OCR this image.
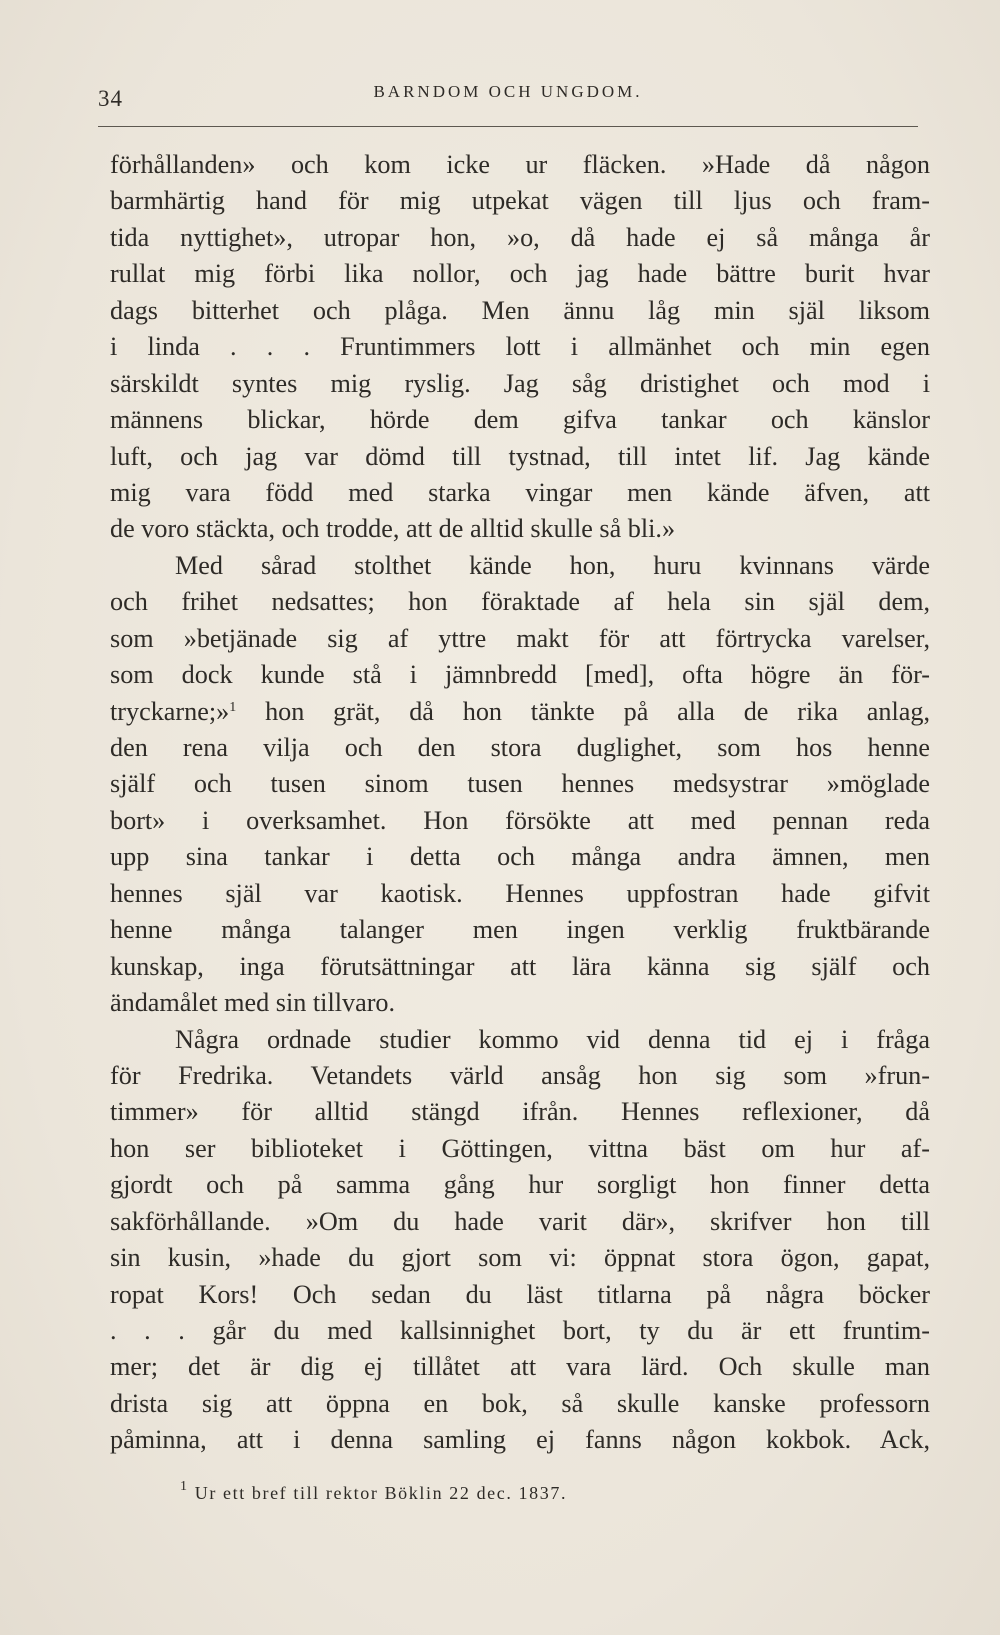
34	BARNDOM OCH UNGDOM.
förhållanden» och kom icke ur fläcken. »Hade då någon
barmhärtig hand för mig utpekat vägen till ljus och fram-
tida nyttighet», utropar hon, »o, då hade ej så många år
rullat mig förbi lika nollor, och jag hade bättre burit hvar
dags bitterhet och plåga. Men ännu låg min själ liksom
i linda . . . Fruntimmers lott i allmänhet och min egen
särskildt syntes mig ryslig. Jag såg dristighet och mod i
männens blickar, hörde dem gifva tankar och känslor
luft, och jag var dömd till tystnad, till intet lif. Jag kände
mig vara född med starka vingar men kände äfven, att
de voro stäckta, och trodde, att de alltid skulle så bli.»
Med sårad stolthet kände hon, huru kvinnans värde
och frihet nedsattes; hon föraktade af hela sin själ dem,
som »betjänade sig af yttre makt för att förtrycka varelser,
som dock kunde stå i jämnbredd [med], ofta högre än för-
tryckarne;»$^1$ hon grät, då hon tänkte på alla de rika anlag,
den rena vilja och den stora duglighet, som hos henne
själf och tusen sinom tusen hennes medsystrar »möglade
bort» i overksamhet. Hon försökte att med pennan reda
upp sina tankar i detta och många andra ämnen, men
hennes själ var kaotisk. Hennes uppfostran hade gifvit
henne många talanger men ingen verklig fruktbärande
kunskap, inga förutsättningar att lära känna sig själf och
ändamålet med sin tillvaro.
Några ordnade studier kommo vid denna tid ej i fråga
för Fredrika. Vetandets värld ansåg hon sig som »frun-
timmer» för alltid stängd ifrån. Hennes reflexioner, då
hon ser biblioteket i Göttingen, vittna bäst om hur af-
gjordt och på samma gång hur sorgligt hon finner detta
sakförhållande. »Om du hade varit där», skrifver hon till
sin kusin, »hade du gjort som vi: öppnat stora ögon, gapat,
ropat Kors! Och sedan du läst titlarna på några böcker
. . . går du med kallsinnighet bort, ty du är ett fruntim-
mer; det är dig ej tillåtet att vara lärd. Och skulle man
drista sig att öppna en bok, så skulle kanske professorn
påminna, att i denna samling ej fanns någon kokbok. Ack,
$^1$ Ur ett bref till rektor Böklin 22 dec. 1837.
